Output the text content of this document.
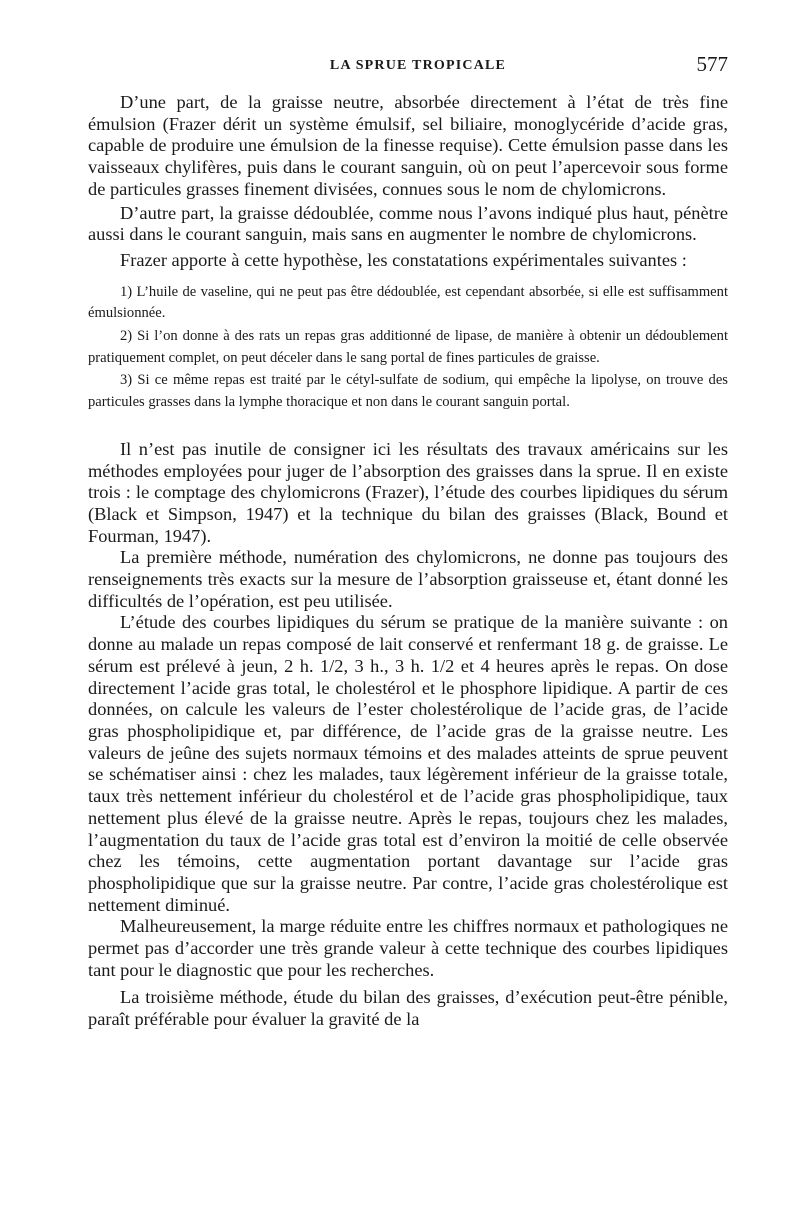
LA SPRUE TROPICALE	577

D’une part, de la graisse neutre, absorbée directement à l’état de très fine émulsion (Frazer dérit un système émulsif, sel biliaire, monoglycéride d’acide gras, capable de produire une émulsion de la finesse requise). Cette émulsion passe dans les vaisseaux chylifères, puis dans le courant sanguin, où on peut l’apercevoir sous forme de particules grasses finement divisées, connues sous le nom de chylomicrons.

D’autre part, la graisse dédoublée, comme nous l’avons indiqué plus haut, pénètre aussi dans le courant sanguin, mais sans en augmenter le nombre de chylomicrons.

Frazer apporte à cette hypothèse, les constatations expérimentales suivantes :

1) L’huile de vaseline, qui ne peut pas être dédoublée, est cependant absorbée, si elle est suffisamment émulsionnée.

2) Si l’on donne à des rats un repas gras additionné de lipase, de manière à obtenir un dédoublement pratiquement complet, on peut déceler dans le sang portal de fines particules de graisse.

3) Si ce même repas est traité par le cétyl-sulfate de sodium, qui empêche la lipolyse, on trouve des particules grasses dans la lymphe thoracique et non dans le courant sanguin portal.

Il n’est pas inutile de consigner ici les résultats des travaux américains sur les méthodes employées pour juger de l’absorption des graisses dans la sprue. Il en existe trois : le comptage des chylomicrons (Frazer), l’étude des courbes lipidiques du sérum (Black et Simpson, 1947) et la technique du bilan des graisses (Black, Bound et Fourman, 1947).

La première méthode, numération des chylomicrons, ne donne pas toujours des renseignements très exacts sur la mesure de l’absorption graisseuse et, étant donné les difficultés de l’opération, est peu utilisée.

L’étude des courbes lipidiques du sérum se pratique de la manière suivante : on donne au malade un repas composé de lait conservé et renfermant 18 g. de graisse. Le sérum est prélevé à jeun, 2 h. 1/2, 3 h., 3 h. 1/2 et 4 heures après le repas. On dose directement l’acide gras total, le cholestérol et le phosphore lipidique. A partir de ces données, on calcule les valeurs de l’ester cholestérolique de l’acide gras, de l’acide gras phospholipidique et, par différence, de l’acide gras de la graisse neutre. Les valeurs de jeûne des sujets normaux témoins et des malades atteints de sprue peuvent se schématiser ainsi : chez les malades, taux légèrement inférieur de la graisse totale, taux très nettement inférieur du cholestérol et de l’acide gras phospholipidique, taux nettement plus élevé de la graisse neutre. Après le repas, toujours chez les malades, l’augmentation du taux de l’acide gras total est d’environ la moitié de celle observée chez les témoins, cette augmentation portant davantage sur l’acide gras phospholipidique que sur la graisse neutre. Par contre, l’acide gras cholestérolique est nettement diminué.

Malheureusement, la marge réduite entre les chiffres normaux et pathologiques ne permet pas d’accorder une très grande valeur à cette technique des courbes lipidiques tant pour le diagnostic que pour les recherches.

La troisième méthode, étude du bilan des graisses, d’exécution peut-être pénible, paraît préférable pour évaluer la gravité de la
